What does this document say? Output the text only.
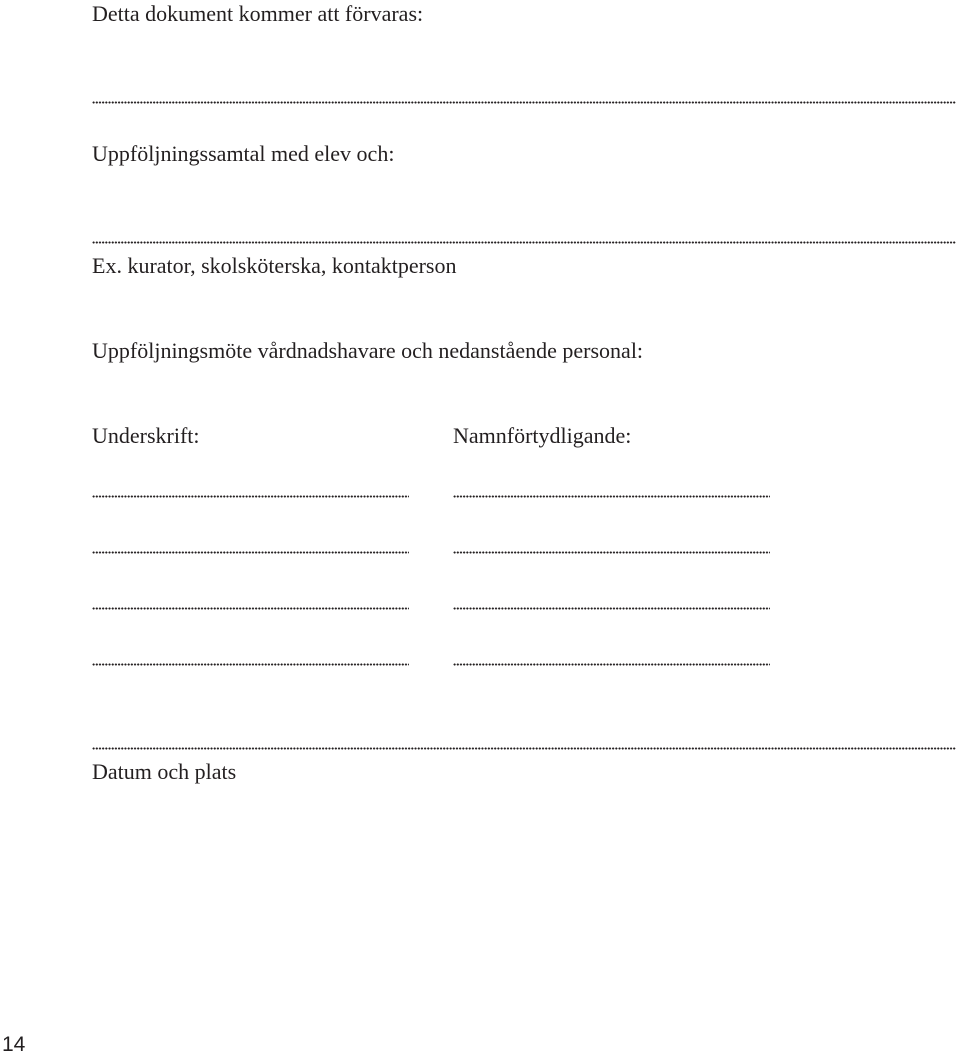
Detta dokument kommer att förvaras:
Uppföljningssamtal med elev och:
Ex. kurator, skolsköterska, kontaktperson
Uppföljningsmöte vårdnadshavare och nedanstående personal:
Underskrift:	Namnförtydligande:
Datum och plats
14
